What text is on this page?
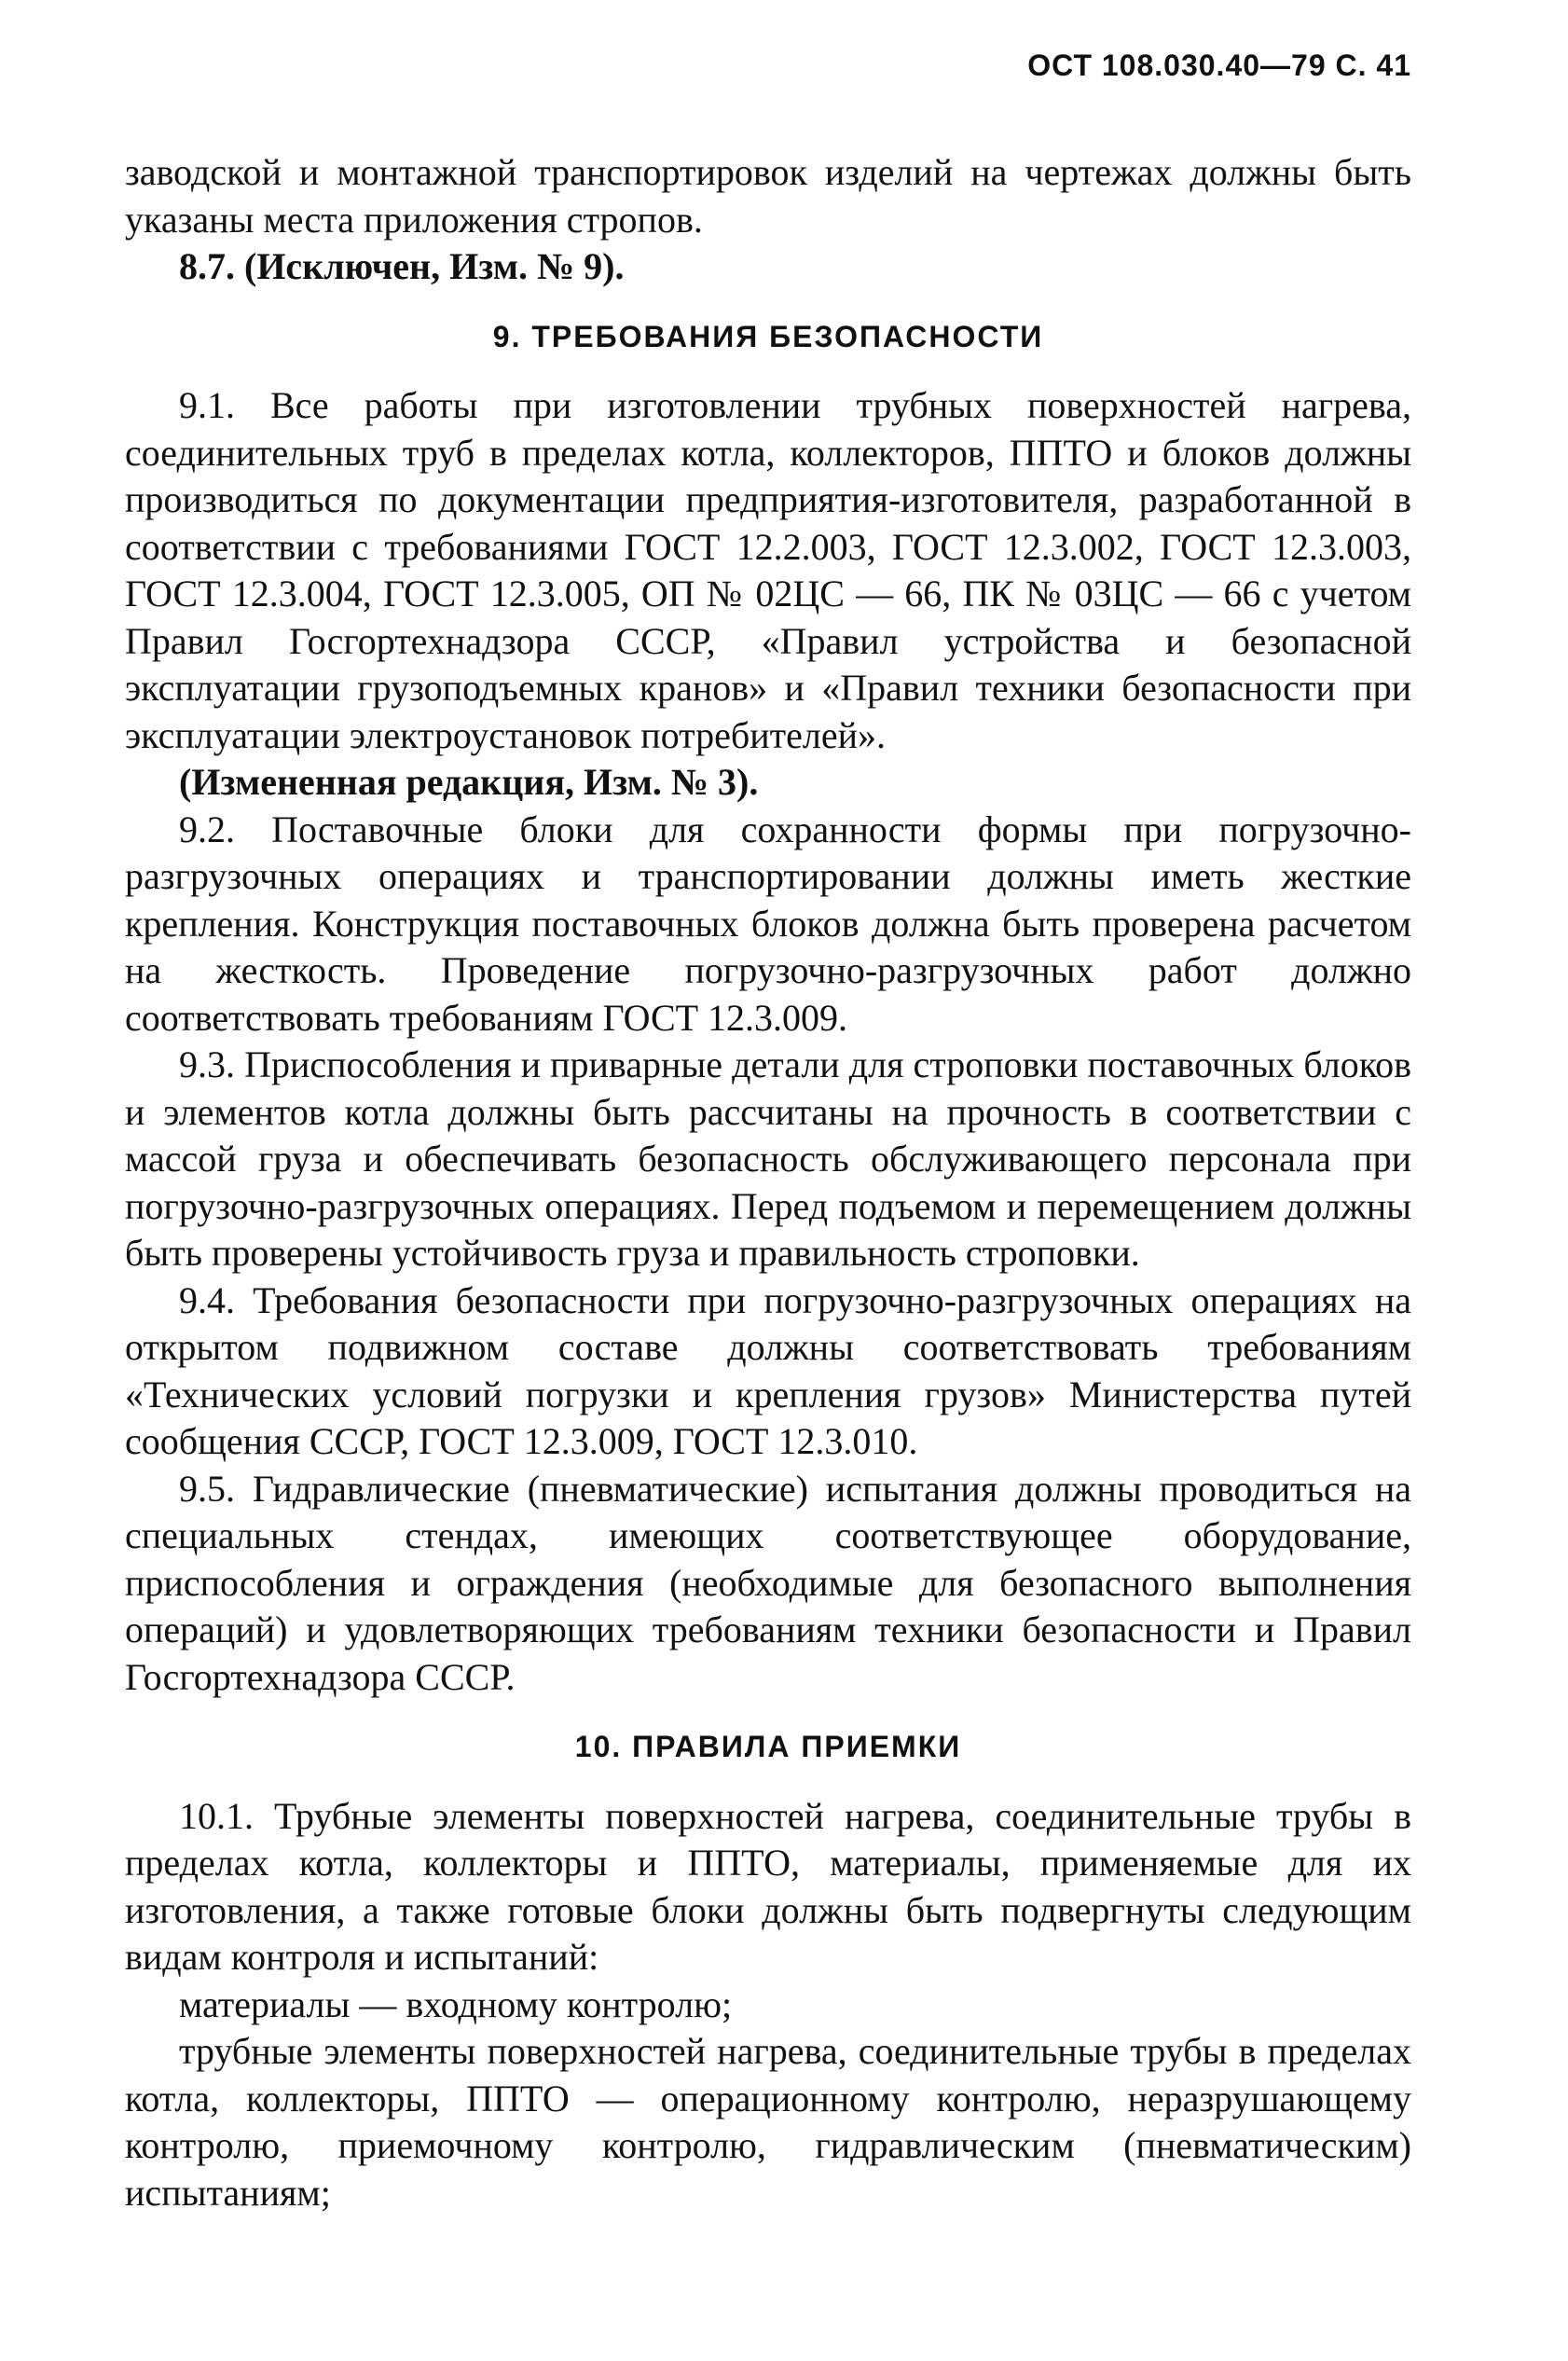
ОСТ 108.030.40—79 С. 41

заводской и монтажной транспортировок изделий на чертежах должны быть указаны места приложения стропов.

8.7. (Исключен, Изм. № 9).

9. ТРЕБОВАНИЯ БЕЗОПАСНОСТИ

9.1. Все работы при изготовлении трубных поверхностей нагрева, соединительных труб в пределах котла, коллекторов, ППТО и блоков должны производиться по документации предприятия-изготовителя, разработанной в соответствии с требованиями ГОСТ 12.2.003, ГОСТ 12.3.002, ГОСТ 12.3.003, ГОСТ 12.3.004, ГОСТ 12.3.005, ОП № 02ЦС — 66, ПК № 03ЦС — 66 с учетом Правил Госгортехнадзора СССР, «Правил устройства и безопасной эксплуатации грузоподъемных кранов» и «Правил техники безопасности при эксплуатации электроустановок потребителей».

(Измененная редакция, Изм. № 3).

9.2. Поставочные блоки для сохранности формы при погрузочно-разгрузочных операциях и транспортировании должны иметь жесткие крепления. Конструкция поставочных блоков должна быть проверена расчетом на жесткость. Проведение погрузочно-разгрузочных работ должно соответствовать требованиям ГОСТ 12.3.009.

9.3. Приспособления и приварные детали для строповки поставочных блоков и элементов котла должны быть рассчитаны на прочность в соответствии с массой груза и обеспечивать безопасность обслуживающего персонала при погрузочно-разгрузочных операциях. Перед подъемом и перемещением должны быть проверены устойчивость груза и правильность строповки.

9.4. Требования безопасности при погрузочно-разгрузочных операциях на открытом подвижном составе должны соответствовать требованиям «Технических условий погрузки и крепления грузов» Министерства путей сообщения СССР, ГОСТ 12.3.009, ГОСТ 12.3.010.

9.5. Гидравлические (пневматические) испытания должны проводиться на специальных стендах, имеющих соответствующее оборудование, приспособления и ограждения (необходимые для безопасного выполнения операций) и удовлетворяющих требованиям техники безопасности и Правил Госгортехнадзора СССР.

10. ПРАВИЛА ПРИЕМКИ

10.1. Трубные элементы поверхностей нагрева, соединительные трубы в пределах котла, коллекторы и ППТО, материалы, применяемые для их изготовления, а также готовые блоки должны быть подвергнуты следующим видам контроля и испытаний:

материалы — входному контролю;

трубные элементы поверхностей нагрева, соединительные трубы в пределах котла, коллекторы, ППТО — операционному контролю, неразрушающему контролю, приемочному контролю, гидравлическим (пневматическим) испытаниям;
